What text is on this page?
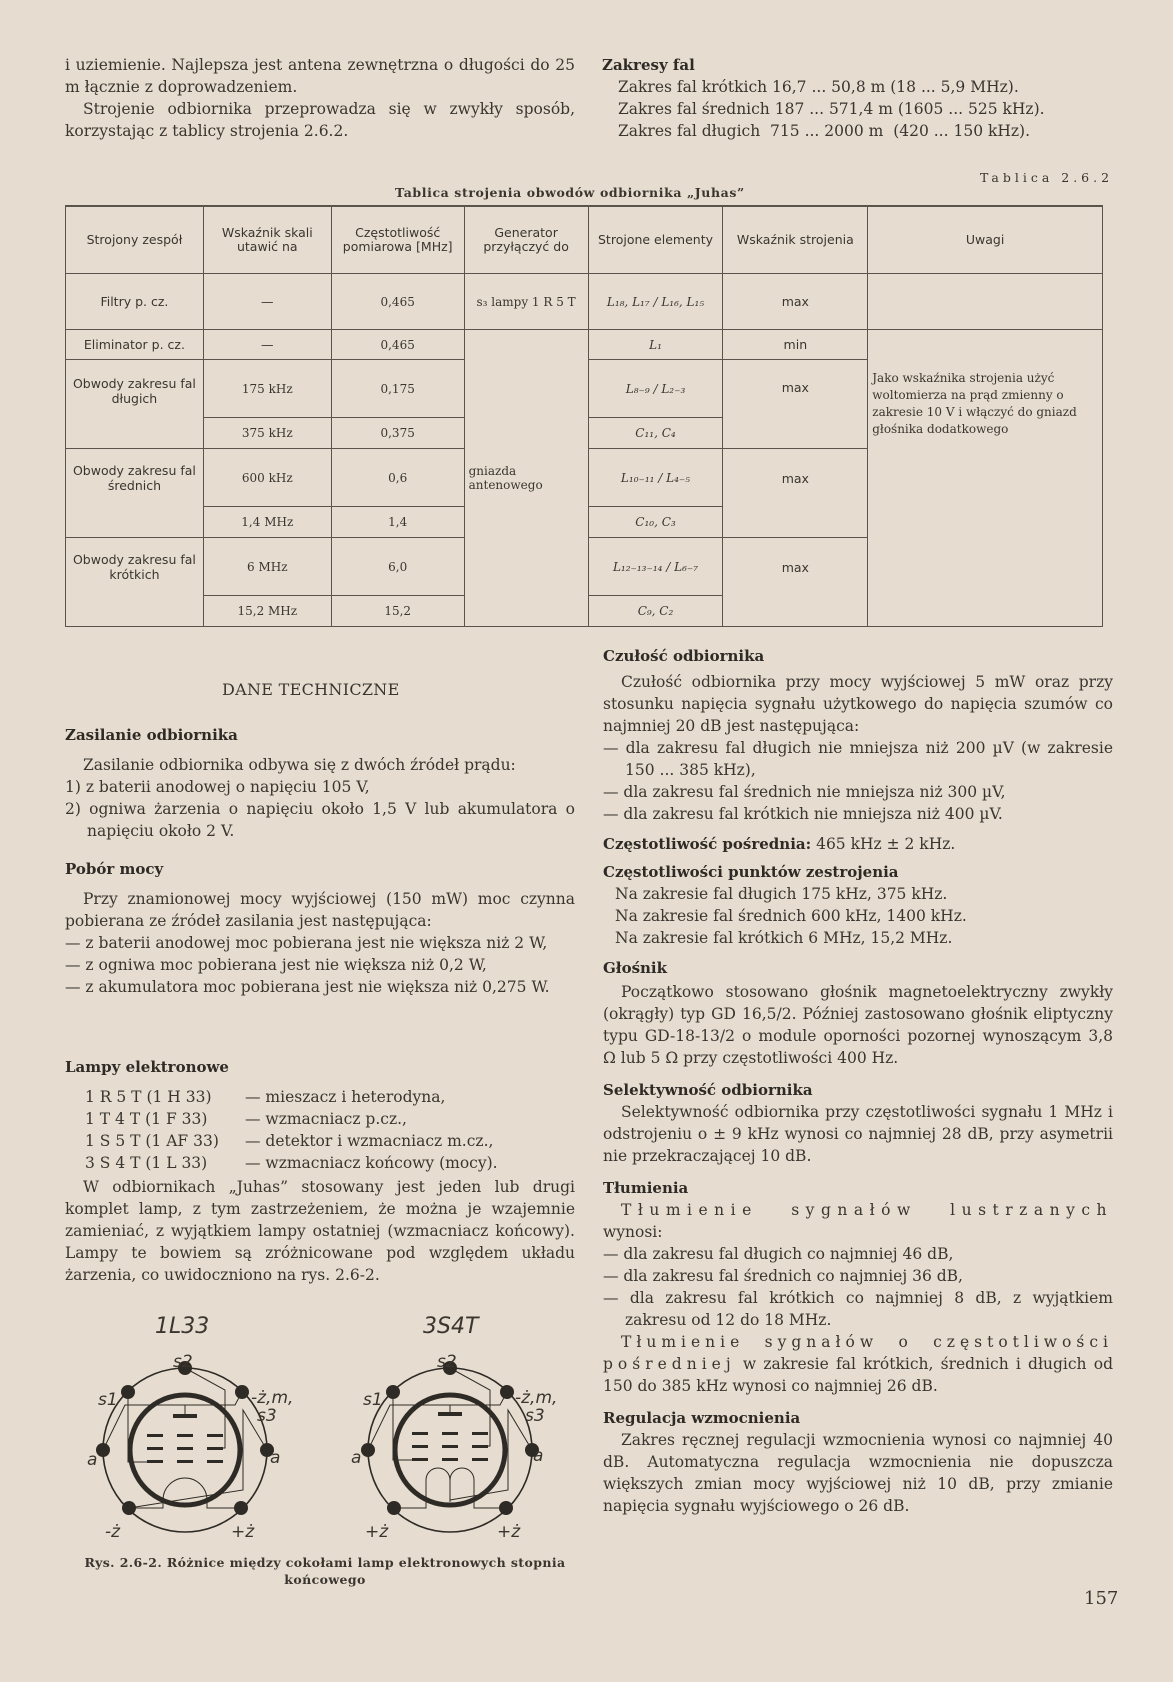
i uziemienie. Najlepsza jest antena zewnętrzna o długości do 25 m łącznie z doprowadzeniem.

Strojenie odbiornika przeprowadza się w zwykły sposób, korzystając z tablicy strojenia 2.6.2.

Zakresy fal
Zakres fal krótkich 16,7 ... 50,8 m (18 ... 5,9 MHz).
Zakres fal średnich 187 ... 571,4 m (1605 ... 525 kHz).
Zakres fal długich  715 ... 2000 m  (420 ... 150 kHz).
Tablica 2.6.2
Tablica strojenia obwodów odbiornika „Juhas”
Strojony zespół	Wskaźnik skali utawić na	Częstotliwość pomiarowa [MHz]	Generator przyłączyć do	Strojone elementy	Wskaźnik strojenia	Uwagi
Filtry p. cz.	—	0,465	s₃ lampy 1 R 5 T	L₁₈, L₁₇ / L₁₆, L₁₅	max	
Eliminator p. cz.	—	0,465	gniazda antenowego	L₁	min	Jako wskaźnika strojenia użyć woltomierza na prąd zmienny o zakresie 10 V i włączyć do gniazd głośnika dodatkowego
Obwody zakresu fal długich	175 kHz	0,175		L₈₋₉ / L₂₋₃	max	
	375 kHz	0,375		C₁₁, C₄		
Obwody zakresu fal średnich	600 kHz	0,6		L₁₀₋₁₁ / L₄₋₅	max	
	1,4 MHz	1,4		C₁₀, C₃		
Obwody zakresu fal krótkich	6 MHz	6,0		L₁₂₋₁₃₋₁₄ / L₆₋₇	max	
	15,2 MHz	15,2		C₉, C₂		
DANE TECHNICZNE
Zasilanie odbiornika

Zasilanie odbiornika odbywa się z dwóch źródeł prądu:

1) z baterii anodowej o napięciu 105 V,

2) ogniwa żarzenia o napięciu około 1,5 V lub akumulatora o napięciu około 2 V.

Pobór mocy

Przy znamionowej mocy wyjściowej (150 mW) moc czynna pobierana ze źródeł zasilania jest następująca:

— z baterii anodowej moc pobierana jest nie większa niż 2 W,

— z ogniwa moc pobierana jest nie większa niż 0,2 W,

— z akumulatora moc pobierana jest nie większa niż 0,275 W.

Lampy elektronowe
1 R 5 T (1 H 33) — mieszacz i heterodyna,
1 T 4 T (1 F 33) — wzmacniacz p.cz.,
1 S 5 T (1 AF 33) — detektor i wzmacniacz m.cz.,
3 S 4 T (1 L 33) — wzmacniacz końcowy (mocy).

W odbiornikach „Juhas” stosowany jest jeden lub drugi komplet lamp, z tym zastrzeżeniem, że można je wzajemnie zamieniać, z wyjątkiem lampy ostatniej (wzmacniacz końcowy). Lampy te bowiem są zróżnicowane pod względem układu żarzenia, co uwidoczniono na rys. 2.6-2.

1L33	3S4T
s2
s1	-ż,m,
s3
a	a
-ż	+ż
s2
s1	-ż,m,
s3
a	a
+ż	+ż
Rys. 2.6-2. Różnice między cokołami lamp elektronowych stopnia
końcowego
Czułość odbiornika

Czułość odbiornika przy mocy wyjściowej 5 mW oraz przy stosunku napięcia sygnału użytkowego do napięcia szumów co najmniej 20 dB jest następująca:

— dla zakresu fal długich nie mniejsza niż 200 µV (w zakresie 150 ... 385 kHz),

— dla zakresu fal średnich nie mniejsza niż 300 µV,

— dla zakresu fal krótkich nie mniejsza niż 400 µV.

Częstotliwość pośrednia: 465 kHz ± 2 kHz.
Częstotliwości punktów zestrojenia
Na zakresie fal długich 175 kHz, 375 kHz.
Na zakresie fal średnich 600 kHz, 1400 kHz.
Na zakresie fal krótkich 6 MHz, 15,2 MHz.
Głośnik

Początkowo stosowano głośnik magnetoelektryczny zwykły (okrągły) typ GD 16,5/2. Później zastosowano głośnik eliptyczny typu GD-18-13/2 o module oporności pozornej wynoszącym 3,8 Ω lub 5 Ω przy częstotliwości 400 Hz.

Selektywność odbiornika

Selektywność odbiornika przy częstotliwości sygnału 1 MHz i odstrojeniu o ± 9 kHz wynosi co najmniej 28 dB, przy asymetrii nie przekraczającej 10 dB.

Tłumienia

Tłumienie sygnałów lustrzanych wynosi:

— dla zakresu fal długich co najmniej 46 dB,

— dla zakresu fal średnich co najmniej 36 dB,

— dla zakresu fal krótkich co najmniej 8 dB, z wyjątkiem zakresu od 12 do 18 MHz.

Tłumienie sygnałów o częstotliwości pośredniej w zakresie fal krótkich, średnich i długich od 150 do 385 kHz wynosi co najmniej 26 dB.

Regulacja wzmocnienia

Zakres ręcznej regulacji wzmocnienia wynosi co najmniej 40 dB. Automatyczna regulacja wzmocnienia nie dopuszcza większych zmian mocy wyjściowej niż 10 dB, przy zmianie napięcia sygnału wyjściowego o 26 dB.

157
